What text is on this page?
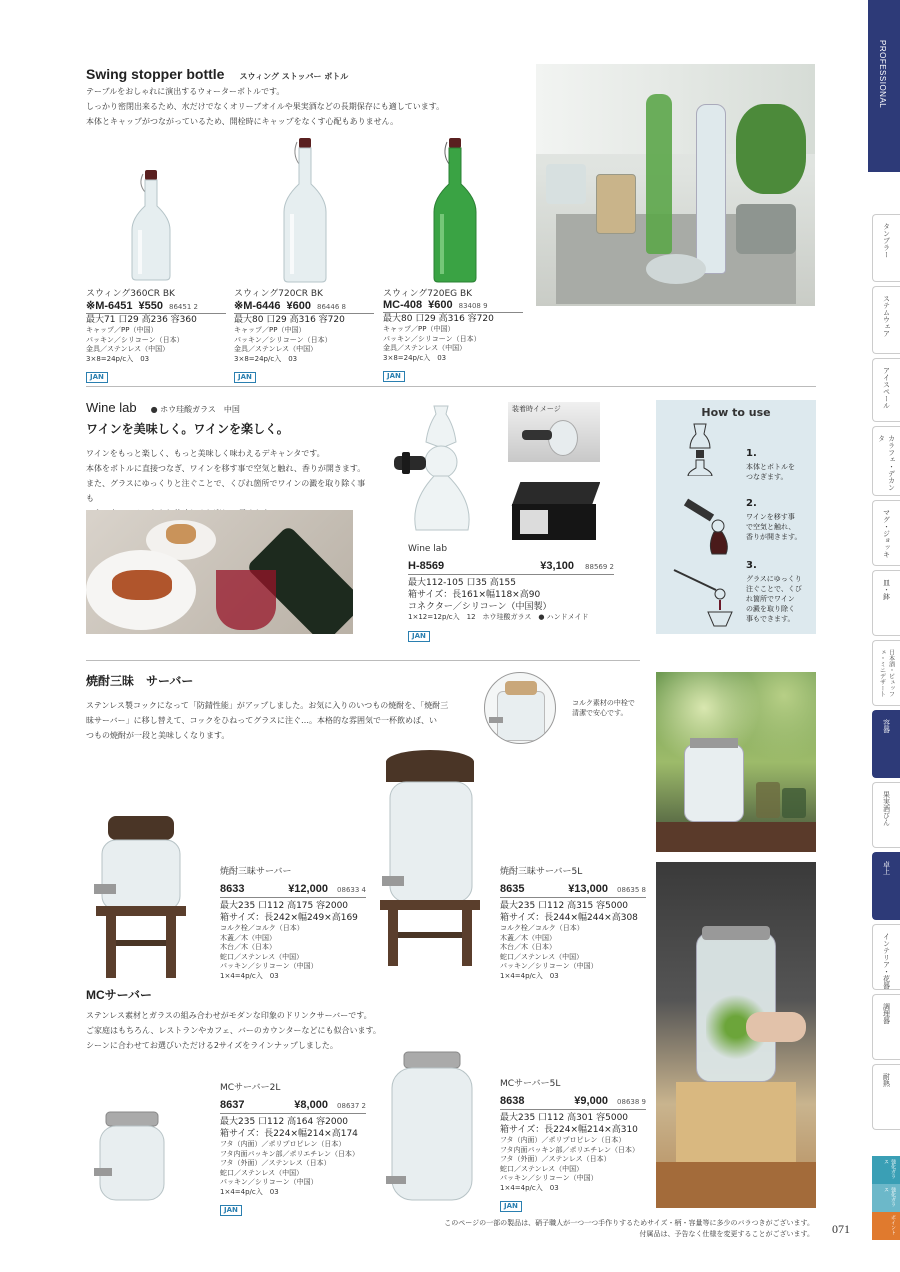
PROFESSIONAL
タンブラー
ステムウェア
アイスペール
カラフェ・デカンタ
マグ・ジョッキ
皿・鉢
日本酒・ビュッフェ・ミニデザート
容器
果実酒びん
卓上
インテリア・花器
調理器
耐熱
強化ガラス
強化ガラス
ポイント
Swing stopper bottle スウィング ストッパー ボトル
テーブルをおしゃれに演出するウォーターボトルです。
しっかり密閉出来るため、水だけでなくオリーブオイルや果実酒などの長期保存にも適しています。
本体とキャップがつながっているため、開栓時にキャップをなくす心配もありません。
スウィング360CR BK
※M-6451 ¥550 86451 2
最大71 口29 高236 容360
キャップ／PP（中国）
パッキン／シリコーン（日本）
金具／ステンレス（中国）
3×8=24p/c入　03
JAN
スウィング720CR BK
※M-6446 ¥600 86446 8
最大80 口29 高316 容720
キャップ／PP（中国）
パッキン／シリコーン（日本）
金具／ステンレス（中国）
3×8=24p/c入　03
JAN
スウィング720EG BK
MC-408 ¥600 83408 9
最大80 口29 高316 容720
キャップ／PP（中国）
パッキン／シリコーン（日本）
金具／ステンレス（中国）
3×8=24p/c入　03
JAN
Wine lab ● ホウ珪酸ガラス　中国
ワインを美味しく。ワインを楽しく。
ワインをもっと楽しく、もっと美味しく味わえるデキャンタです。
本体をボトルに直接つなぎ、ワインを移す事で空気と触れ、香りが開きます。
また、グラスにゆっくりと注ぐことで、くびれ箇所でワインの澱を取り除く事も
装着時イメージ
Wine lab
H-8569	¥3,100 88569 2
最大112-105 口35 高155
箱サイズ：長161×幅118×高90
コネクター／シリコーン（中国製）
1×12=12p/c入　12　ホウ珪酸ガラス　● ハンドメイド
JAN
How to use
1.
本体とボトルを
つなぎます。
2.
ワインを移す事
で空気と触れ、
香りが開きます。
3.
グラスにゆっくり
注ぐことで、くび
れ箇所でワイン
の澱を取り除く
事もできます。
焼酎三昧　サーバー
ステンレス製コックになって「防錆性能」がアップしました。お気に入りのいつもの焼酎を、「焼酎三
昧サーバー」に移し替えて、コックをひねってグラスに注ぐ…。本格的な雰囲気で一杯飲めば、い
つもの焼酎が一段と美味しくなります。
コルク素材の中栓で
清潔で安心です。
焼酎三昧サーバー
8633	¥12,000 08633 4
最大235 口112 高175 容2000
箱サイズ：長242×幅249×高169
コルク栓／コルク（日本）
木蓋／木（中国）
木台／木（日本）
蛇口／ステンレス（中国）
パッキン／シリコーン（中国）
1×4=4p/c入　03
焼酎三昧サーバー5L
8635	¥13,000 08635 8
最大235 口112 高315 容5000
箱サイズ：長244×幅244×高308
コルク栓／コルク（日本）
木蓋／木（中国）
木台／木（日本）
蛇口／ステンレス（中国）
パッキン／シリコーン（中国）
1×4=4p/c入　03
MCサーバー
ステンレス素材とガラスの組み合わせがモダンな印象のドリンクサーバーです。
ご家庭はもちろん、レストランやカフェ、バーのカウンターなどにも似合います。
シーンに合わせてお選びいただける2サイズをラインナップしました。
MCサーバー2L
8637	¥8,000 08637 2
最大235 口112 高164 容2000
箱サイズ：長224×幅214×高174
フタ（内面）／ポリプロピレン（日本）
フタ内面パッキン部／ポリエチレン（日本）
フタ（外面）／ステンレス（日本）
蛇口／ステンレス（中国）
パッキン／シリコーン（中国）
1×4=4p/c入　03
JAN
MCサーバー5L
8638	¥9,000 08638 9
最大235 口112 高301 容5000
箱サイズ：長224×幅214×高310
フタ（内面）／ポリプロピレン（日本）
フタ内面パッキン部／ポリエチレン（日本）
フタ（外面）／ステンレス（日本）
蛇口／ステンレス（中国）
パッキン／シリコーン（中国）
1×4=4p/c入　03
JAN
このページの一部の製品は、硝子職人が一つ一つ手作りするためサイズ・柄・容量等に多少のバラつきがございます。
付属品は、予告なく仕様を変更することがございます。 071
